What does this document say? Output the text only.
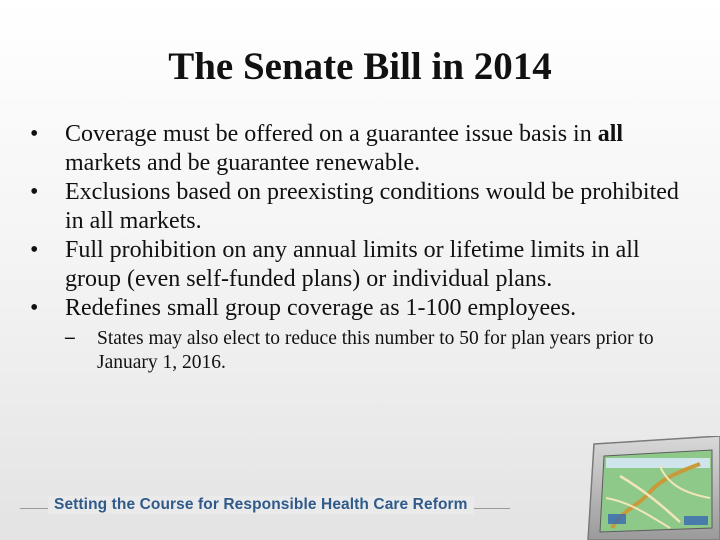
The Senate Bill in 2014
•	Coverage must be offered on a guarantee issue basis in all markets and be guarantee renewable.
•	Exclusions based on preexisting conditions would be prohibited in all markets.
•	Full prohibition on any annual limits or lifetime limits in all group (even self-funded plans) or individual plans.
•	Redefines small group coverage as 1-100 employees.
– States may also elect to reduce this number to 50 for plan years prior to January 1, 2016.
Setting the Course for Responsible Health Care Reform
